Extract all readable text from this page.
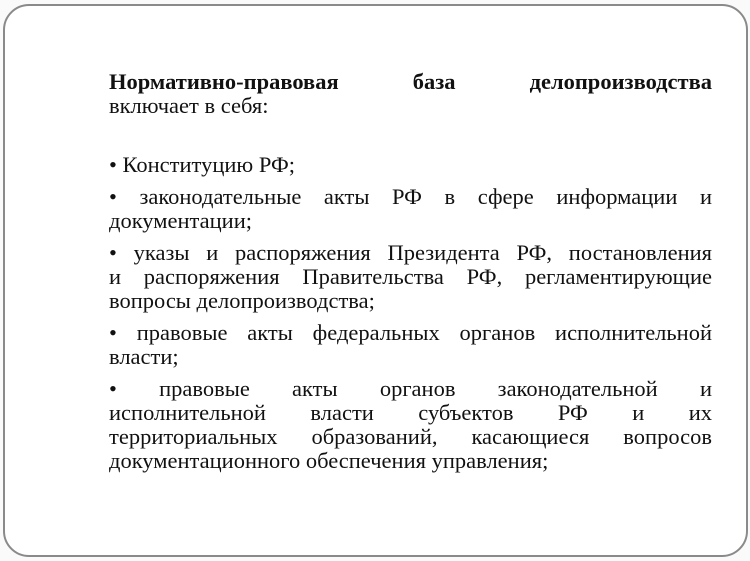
Нормативно-правовая база делопроизводства
включает в себя:

• Конституцию РФ;

• законодательные акты РФ в сфере информации и
документации;

• указы и распоряжения Президента РФ, постановления
и распоряжения Правительства РФ, регламентирующие
вопросы делопроизводства;

• правовые акты федеральных органов исполнительной
власти;

• правовые акты органов законодательной и
исполнительной власти субъектов РФ и их
территориальных образований, касающиеся вопросов
документационного обеспечения управления;
